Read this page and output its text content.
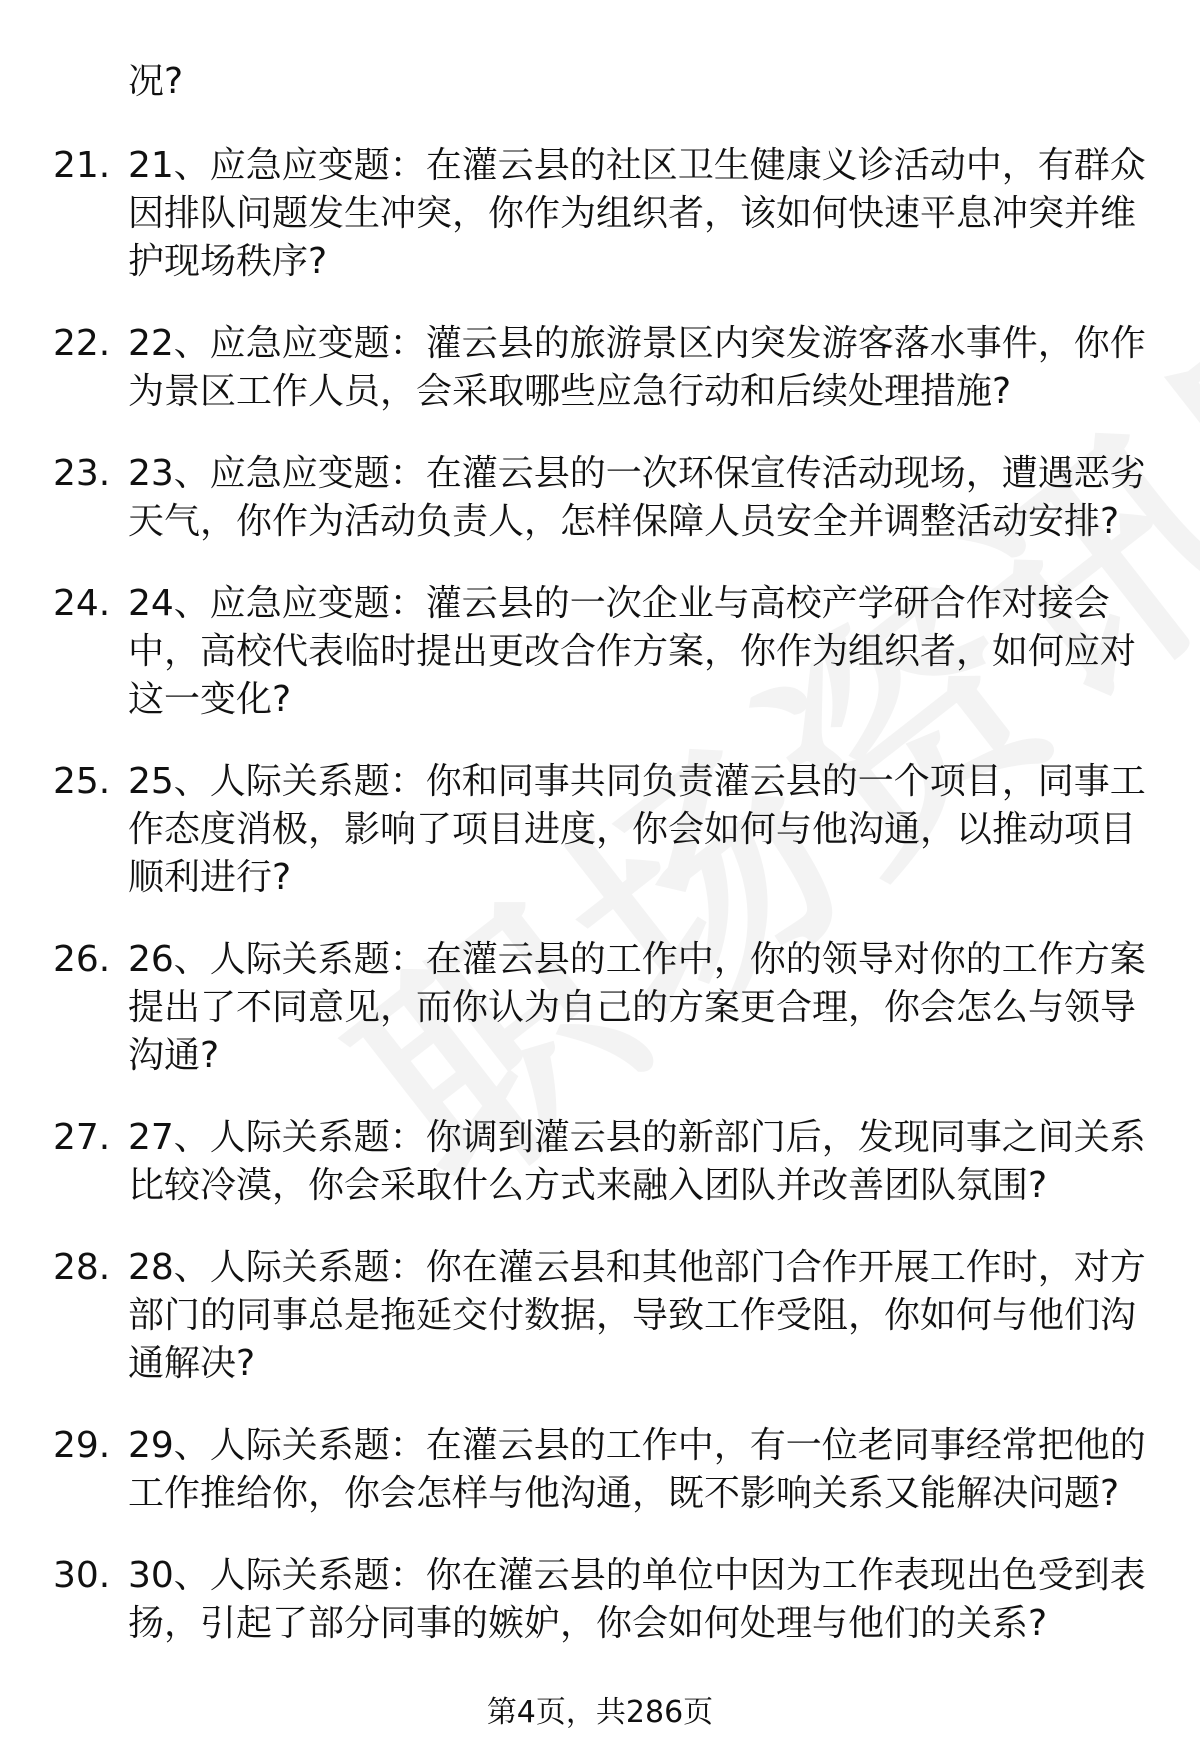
况?

21. 21、应急应变题：在灌云县的社区卫生健康义诊活动中，有群众因排队问题发生冲突，你作为组织者，该如何快速平息冲突并维护现场秩序?
22. 22、应急应变题：灌云县的旅游景区内突发游客落水事件，你作为景区工作人员，会采取哪些应急行动和后续处理措施?
23. 23、应急应变题：在灌云县的一次环保宣传活动现场，遭遇恶劣天气，你作为活动负责人，怎样保障人员安全并调整活动安排?
24. 24、应急应变题：灌云县的一次企业与高校产学研合作对接会中，高校代表临时提出更改合作方案，你作为组织者，如何应对这一变化?
25. 25、人际关系题：你和同事共同负责灌云县的一个项目，同事工作态度消极，影响了项目进度，你会如何与他沟通，以推动项目顺利进行?
26. 26、人际关系题：在灌云县的工作中，你的领导对你的工作方案提出了不同意见，而你认为自己的方案更合理，你会怎么与领导沟通?
27. 27、人际关系题：你调到灌云县的新部门后，发现同事之间关系比较冷漠，你会采取什么方式来融入团队并改善团队氛围?
28. 28、人际关系题：你在灌云县和其他部门合作开展工作时，对方部门的同事总是拖延交付数据，导致工作受阻，你如何与他们沟通解决?
29. 29、人际关系题：在灌云县的工作中，有一位老同事经常把他的工作推给你，你会怎样与他沟通，既不影响关系又能解决问题?
30. 30、人际关系题：你在灌云县的单位中因为工作表现出色受到表扬，引起了部分同事的嫉妒，你会如何处理与他们的关系?
第4页，共286页
